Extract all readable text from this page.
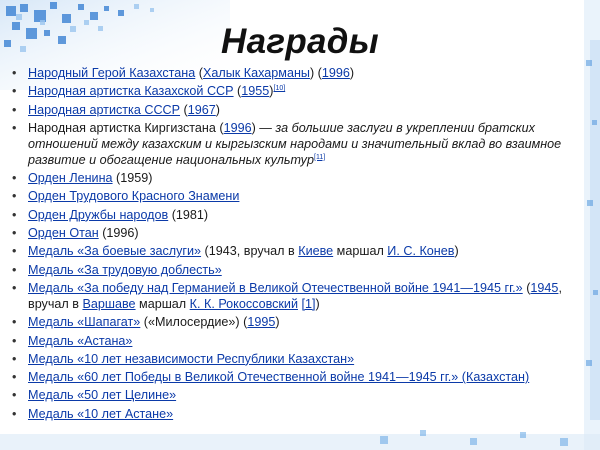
Награды
• Народный Герой Казахстана (Халык Кахарманы) (1996)
• Народная артистка Казахской ССР (1955)[10]
• Народная артистка СССР (1967)
• Народная артистка Киргизстана (1996) — за большие заслуги в укреплении братских отношений между казахским и кыргызским народами и значительный вклад во взаимное развитие и обогащение национальных культур[11]
• Орден Ленина (1959)
• Орден Трудового Красного Знамени
• Орден Дружбы народов (1981)
• Орден Отан (1996)
• Медаль «За боевые заслуги» (1943, вручал в Киеве маршал И. С. Конев)
• Медаль «За трудовую доблесть»
• Медаль «За победу над Германией в Великой Отечественной войне 1941—1945 гг.» (1945, вручал в Варшаве маршал К. К. Рокоссовский [1])
• Медаль «Шапагат» («Милосердие») (1995)
• Медаль «Астана»
• Медаль «10 лет независимости Республики Казахстан»
• Медаль «60 лет Победы в Великой Отечественной войне 1941—1945 гг.» (Казахстан)
• Медаль «50 лет Целине»
• Медаль «10 лет Астане»
